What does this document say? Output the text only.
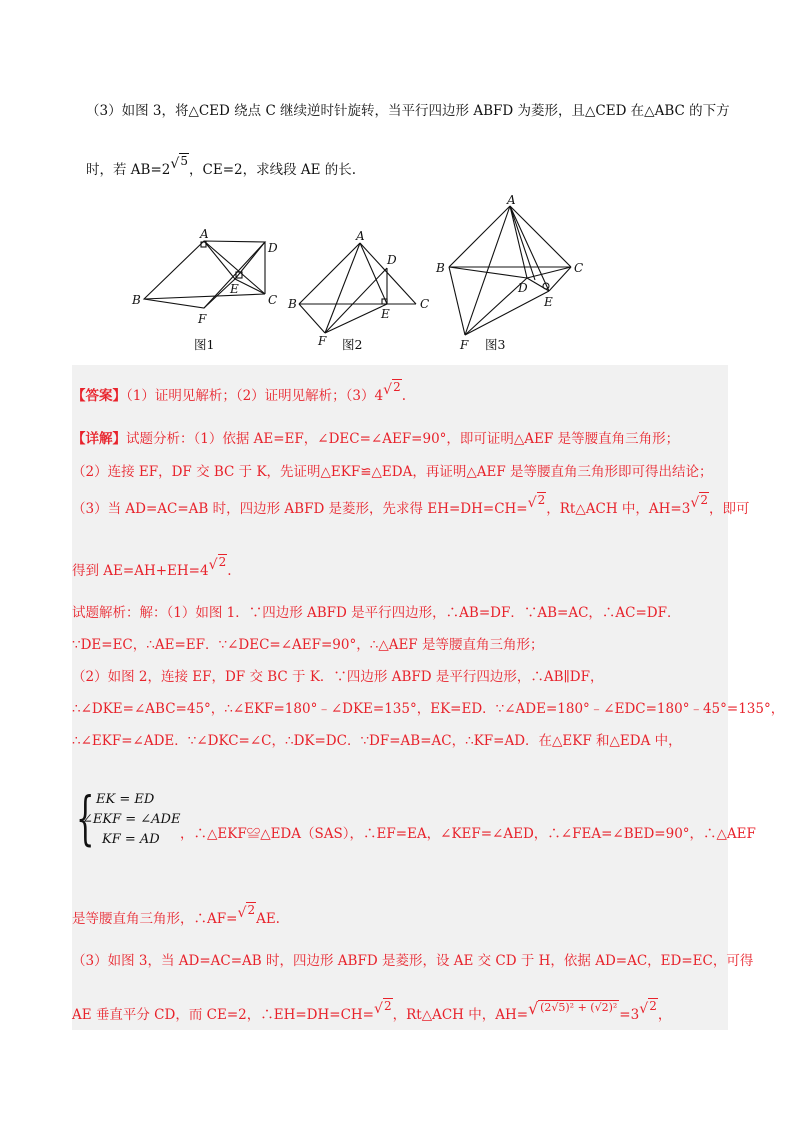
（3）如图 3，将△CED 绕点 C 继续逆时针旋转，当平行四边形 ABFD 为菱形，且△CED 在△ABC 的下方
时，若 AB=2√ 5，CE=2，求线段 AE 的长.
A
D
E
B	C
F
A
D
B
E
C
F
A
B	C
D
E
F
图1	图2	图3
【答案】（1）证明见解析；（2）证明见解析；（3）4√ 2.
【详解】试题分析：（1）依据 AE=EF，∠DEC=∠AEF=90°，即可证明△AEF 是等腰直角三角形；
（2）连接 EF，DF 交 BC 于 K，先证明△EKF≌△EDA，再证明△AEF 是等腰直角三角形即可得出结论；
（3）当 AD=AC=AB 时，四边形 ABFD 是菱形，先求得 EH=DH=CH=√ 2，Rt△ACH 中，AH=3√ 2，即可
得到 AE=AH+EH=4√ 2.
试题解析：解：（1）如图 1．∵四边形 ABFD 是平行四边形，∴AB=DF．∵AB=AC，∴AC=DF．
∵DE=EC，∴AE=EF．∵∠DEC=∠AEF=90°，∴△AEF 是等腰直角三角形；
（2）如图 2，连接 EF，DF 交 BC 于 K．∵四边形 ABFD 是平行四边形，∴AB∥DF，
∴∠DKE=∠ABC=45°，∴∠EKF=180°﹣∠DKE=135°，EK=ED．∵∠ADE=180°﹣∠EDC=180°﹣45°=135°，
∴∠EKF=∠ADE．∵∠DKC=∠C，∴DK=DC．∵DF=AB=AC，∴KF=AD．在△EKF 和△EDA 中，
{ EK = ED
∠EKF = ∠ADE
KF = AD ，∴△EKF≌△EDA（SAS），∴EF=EA，∠KEF=∠AED，∴∠FEA=∠BED=90°，∴△AEF
是等腰直角三角形，∴AF=√ 2AE.
（3）如图 3，当 AD=AC=AB 时，四边形 ABFD 是菱形，设 AE 交 CD 于 H，依据 AD=AC，ED=EC，可得
AE 垂直平分 CD，而 CE=2，∴EH=DH=CH=√ 2，Rt△ACH 中，AH=√ $^{(2√5)^2 + (√2)^2}$ =3√ 2，
